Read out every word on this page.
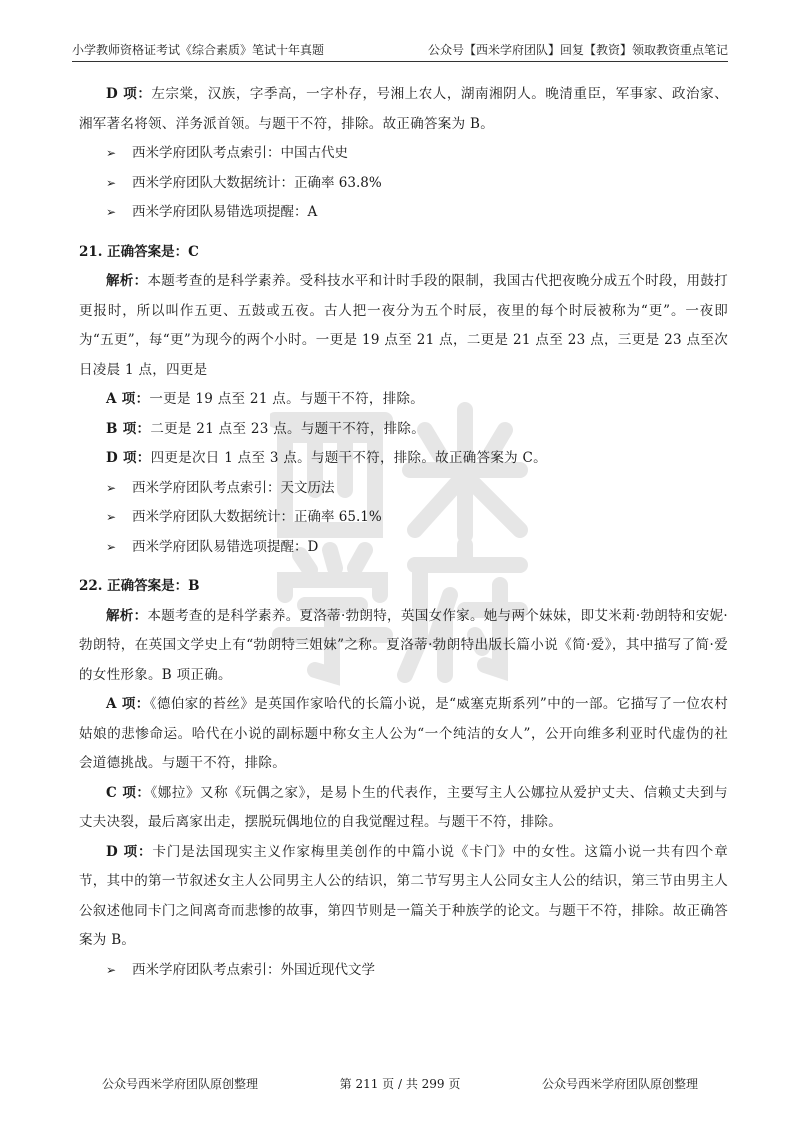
小学教师资格证考试《综合素质》笔试十年真题	公众号【西米学府团队】回复【教资】领取教资重点笔记

D 项：左宗棠，汉族，字季高，一字朴存，号湘上农人，湖南湘阴人。晚清重臣，军事家、政治家、湘军著名将领、洋务派首领。与题干不符，排除。故正确答案为 B。

➢	西米学府团队考点索引：中国古代史
➢	西米学府团队大数据统计：正确率 63.8%
➢	西米学府团队易错选项提醒：A

21. 正确答案是：C

解析：本题考查的是科学素养。受科技水平和计时手段的限制，我国古代把夜晚分成五个时段，用鼓打更报时，所以叫作五更、五鼓或五夜。古人把一夜分为五个时辰，夜里的每个时辰被称为“更”。一夜即为“五更”，每“更”为现今的两个小时。一更是 19 点至 21 点，二更是 21 点至 23 点，三更是 23 点至次日凌晨 1 点，四更是

A 项：一更是 19 点至 21 点。与题干不符，排除。

B 项：二更是 21 点至 23 点。与题干不符，排除。

D 项：四更是次日 1 点至 3 点。与题干不符，排除。故正确答案为 C。

➢	西米学府团队考点索引：天文历法
➢	西米学府团队大数据统计：正确率 65.1%
➢	西米学府团队易错选项提醒：D

22. 正确答案是：B

解析：本题考查的是科学素养。夏洛蒂·勃朗特，英国女作家。她与两个妹妹，即艾米莉·勃朗特和安妮·勃朗特，在英国文学史上有“勃朗特三姐妹”之称。夏洛蒂·勃朗特出版长篇小说《简·爱》，其中描写了简·爱的女性形象。B 项正确。

A 项：《德伯家的苔丝》是英国作家哈代的长篇小说，是“威塞克斯系列”中的一部。它描写了一位农村姑娘的悲惨命运。哈代在小说的副标题中称女主人公为“一个纯洁的女人”，公开向维多利亚时代虚伪的社会道德挑战。与题干不符，排除。

C 项：《娜拉》又称《玩偶之家》，是易卜生的代表作，主要写主人公娜拉从爱护丈夫、信赖丈夫到与丈夫决裂，最后离家出走，摆脱玩偶地位的自我觉醒过程。与题干不符，排除。

D 项：卡门是法国现实主义作家梅里美创作的中篇小说《卡门》中的女性。这篇小说一共有四个章节，其中的第一节叙述女主人公同男主人公的结识，第二节写男主人公同女主人公的结识，第三节由男主人公叙述他同卡门之间离奇而悲惨的故事，第四节则是一篇关于种族学的论文。与题干不符，排除。故正确答案为 B。

➢	西米学府团队考点索引：外国近现代文学
公众号西米学府团队原创整理	第 211 页 / 共 299 页	公众号西米学府团队原创整理
